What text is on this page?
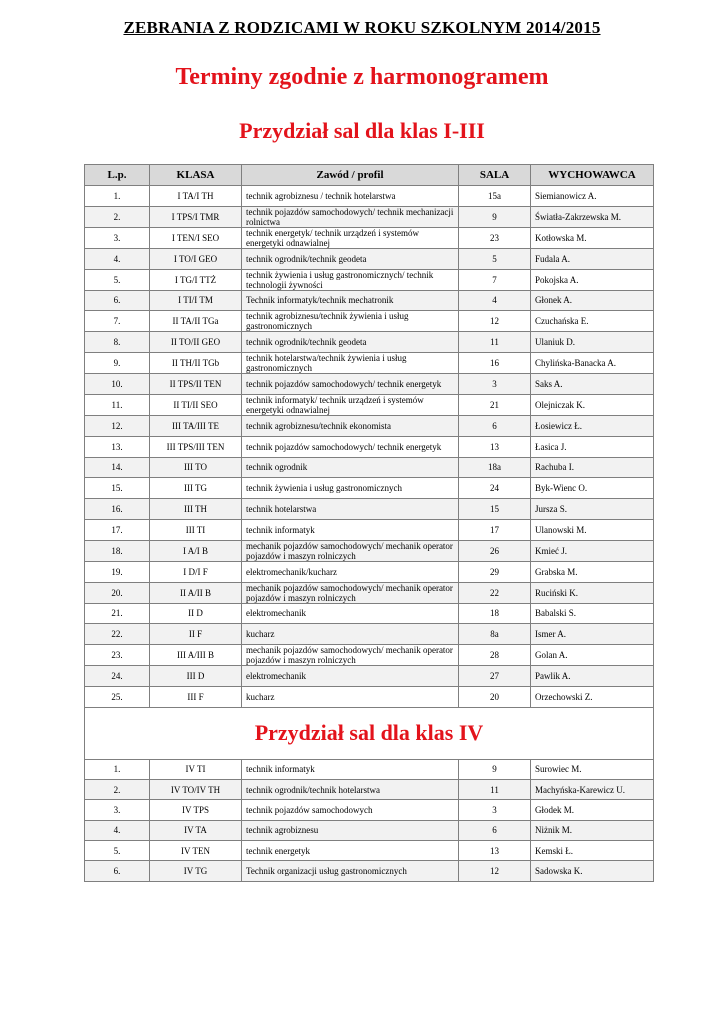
ZEBRANIA Z RODZICAMI W ROKU SZKOLNYM 2014/2015
Terminy zgodnie z harmonogramem
Przydział sal dla klas I-III
L.p.	KLASA	Zawód / profil	SALA	WYCHOWAWCA
1.	I TA/I TH	technik agrobiznesu / technik hotelarstwa	15a	Siemianowicz A.
2.	I TPS/I TMR	technik pojazdów samochodowych/ technik mechanizacji rolnictwa	9	Światła-Zakrzewska M.
3.	I TEN/I SEO	technik energetyk/ technik urządzeń i systemów energetyki odnawialnej	23	Kotłowska M.
4.	I TO/I GEO	technik ogrodnik/technik geodeta	5	Fudala A.
5.	I TG/I TTŻ	technik żywienia i usług gastronomicznych/ technik technologii żywności	7	Pokojska A.
6.	I TI/I TM	Technik informatyk/technik mechatronik	4	Głonek A.
7.	II TA/II TGa	technik agrobiznesu/technik żywienia i usług gastronomicznych	12	Czuchańska E.
8.	II TO/II GEO	technik ogrodnik/technik geodeta	11	Ulaniuk D.
9.	II TH/II TGb	technik hotelarstwa/technik żywienia i usług gastronomicznych	16	Chylińska-Banacka A.
10.	II TPS/II TEN	technik pojazdów samochodowych/ technik energetyk	3	Saks A.
11.	II TI/II SEO	technik informatyk/ technik urządzeń i systemów energetyki odnawialnej	21	Olejniczak K.
12.	III TA/III TE	technik agrobiznesu/technik ekonomista	6	Łosiewicz Ł.
13.	III TPS/III TEN	technik pojazdów samochodowych/ technik energetyk	13	Łasica J.
14.	III TO	technik ogrodnik	18a	Rachuba I.
15.	III TG	technik żywienia i usług gastronomicznych	24	Byk-Wienc O.
16.	III TH	technik hotelarstwa	15	Jursza S.
17.	III TI	technik informatyk	17	Ulanowski M.
18.	I A/I B	mechanik pojazdów samochodowych/ mechanik operator pojazdów i maszyn rolniczych	26	Kmieć J.
19.	I D/I F	elektromechanik/kucharz	29	Grabska M.
20.	II A/II B	mechanik pojazdów samochodowych/ mechanik operator pojazdów i maszyn rolniczych	22	Ruciński K.
21.	II D	elektromechanik	18	Babalski S.
22.	II F	kucharz	8a	Ismer A.
23.	III A/III B	mechanik pojazdów samochodowych/ mechanik operator pojazdów i maszyn rolniczych	28	Golan A.
24.	III D	elektromechanik	27	Pawlik A.
25.	III F	kucharz	20	Orzechowski Z.
Przydział sal dla klas IV				
1.	IV TI	technik informatyk	9	Surowiec M.
2.	IV TO/IV TH	technik ogrodnik/technik hotelarstwa	11	Machyńska-Karewicz U.
3.	IV TPS	technik pojazdów samochodowych	3	Głodek M.
4.	IV TA	technik agrobiznesu	6	Niżnik M.
5.	IV TEN	technik energetyk	13	Kemski Ł.
6.	IV TG	Technik organizacji usług gastronomicznych	12	Sadowska K.
